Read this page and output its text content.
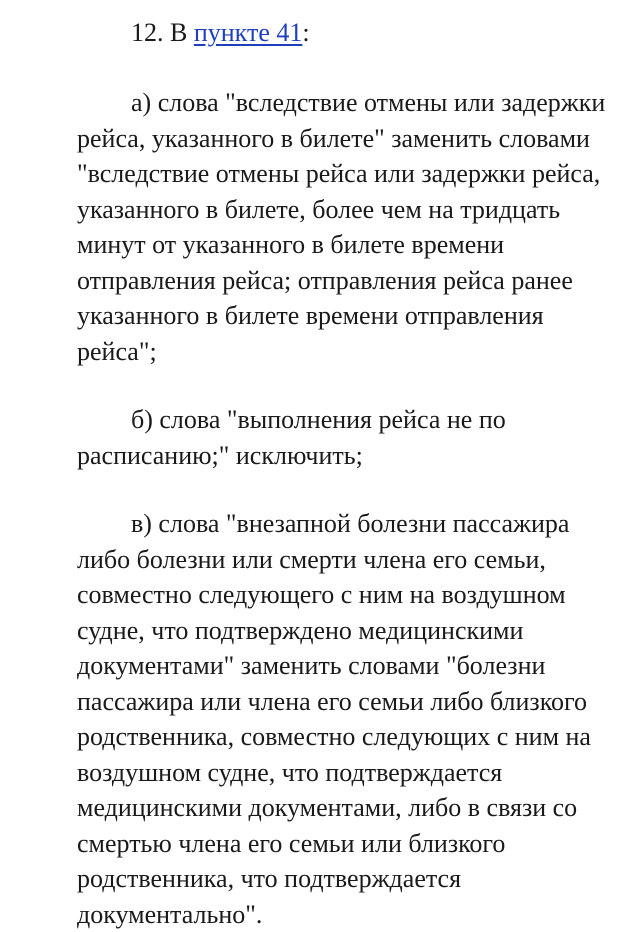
12. В пункте 41:

а) слова "вследствие отмены или задержки
рейса, указанного в билете" заменить словами
"вследствие отмены рейса или задержки рейса,
указанного в билете, более чем на тридцать
минут от указанного в билете времени
отправления рейса; отправления рейса ранее
указанного в билете времени отправления
рейса";
б) слова "выполнения рейса не по
расписанию;" исключить;
в) слова "внезапной болезни пассажира
либо болезни или смерти члена его семьи,
совместно следующего с ним на воздушном
судне, что подтверждено медицинскими
документами" заменить словами "болезни
пассажира или члена его семьи либо близкого
родственника, совместно следующих с ним на
воздушном судне, что подтверждается
медицинскими документами, либо в связи со
смертью члена его семьи или близкого
родственника, что подтверждается
документально".
